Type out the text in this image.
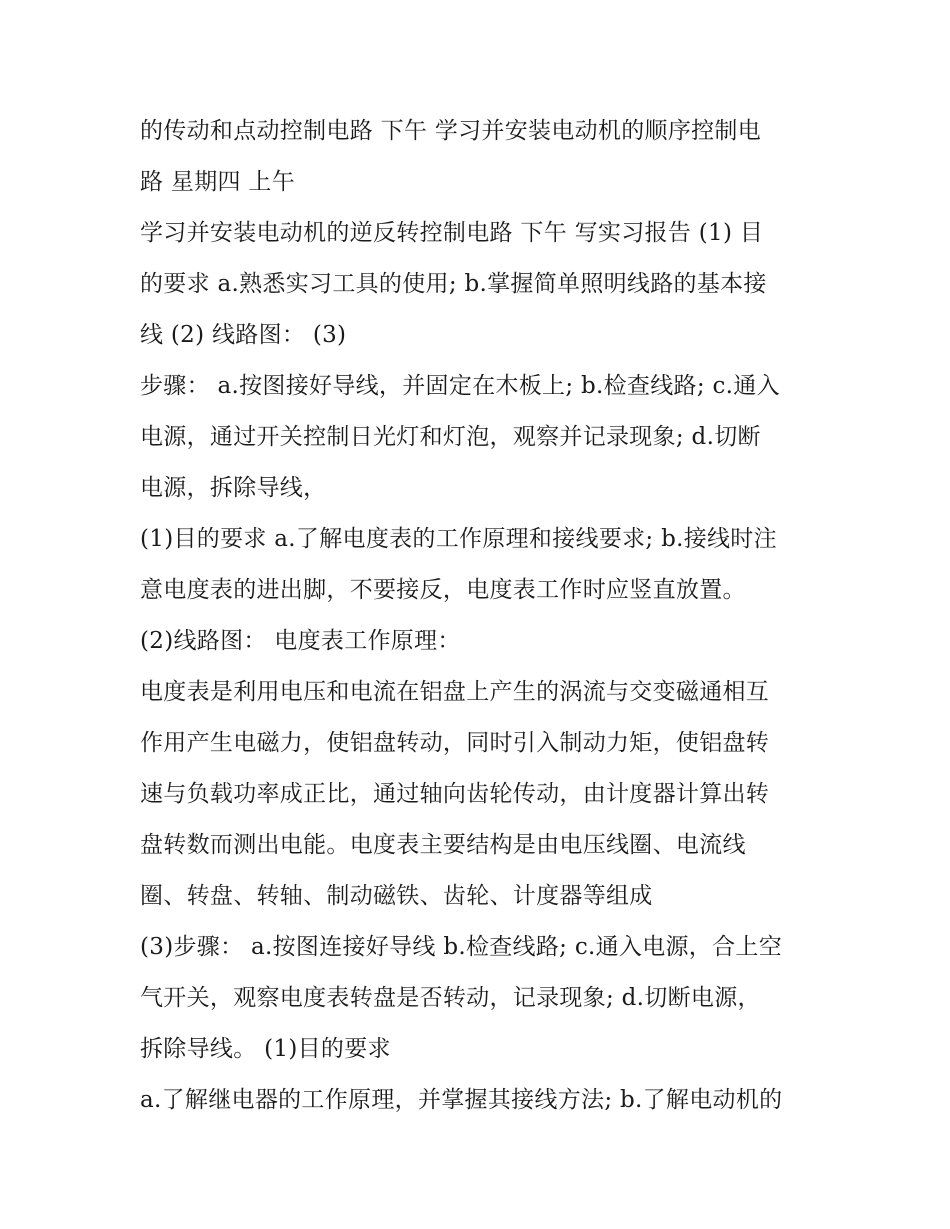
的传动和点动控制电路 下午 学习并安装电动机的顺序控制电
路 星期四 上午
学习并安装电动机的逆反转控制电路 下午 写实习报告 (1) 目
的要求 a.熟悉实习工具的使用; b.掌握简单照明线路的基本接
线 (2) 线路图： (3)
步骤： a.按图接好导线，并固定在木板上; b.检查线路; c.通入
电源，通过开关控制日光灯和灯泡，观察并记录现象; d.切断
电源，拆除导线，
(1)目的要求 a.了解电度表的工作原理和接线要求; b.接线时注
意电度表的进出脚，不要接反，电度表工作时应竖直放置。
(2)线路图： 电度表工作原理：
电度表是利用电压和电流在铝盘上产生的涡流与交变磁通相互
作用产生电磁力，使铝盘转动，同时引入制动力矩，使铝盘转
速与负载功率成正比，通过轴向齿轮传动，由计度器计算出转
盘转数而测出电能。电度表主要结构是由电压线圈、电流线
圈、转盘、转轴、制动磁铁、齿轮、计度器等组成
(3)步骤： a.按图连接好导线 b.检查线路; c.通入电源，合上空
气开关，观察电度表转盘是否转动，记录现象; d.切断电源，
拆除导线。 (1)目的要求
a.了解继电器的工作原理，并掌握其接线方法; b.了解电动机的
